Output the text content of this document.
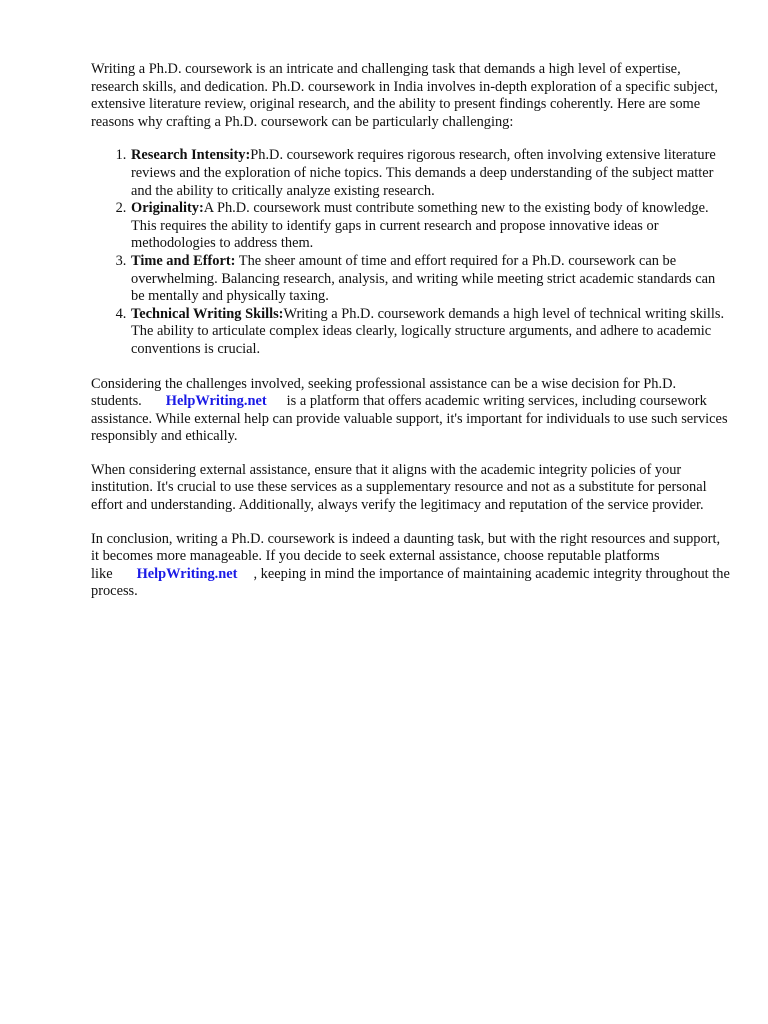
Writing a Ph.D. coursework is an intricate and challenging task that demands a high level of expertise, research skills, and dedication. Ph.D. coursework in India involves in-depth exploration of a specific subject, extensive literature review, original research, and the ability to present findings coherently. Here are some reasons why crafting a Ph.D. coursework can be particularly challenging:

1. Research Intensity:Ph.D. coursework requires rigorous research, often involving extensive literature reviews and the exploration of niche topics. This demands a deep understanding of the subject matter and the ability to critically analyze existing research.
2. Originality:A Ph.D. coursework must contribute something new to the existing body of knowledge. This requires the ability to identify gaps in current research and propose innovative ideas or methodologies to address them.
3. Time and Effort: The sheer amount of time and effort required for a Ph.D. coursework can be overwhelming. Balancing research, analysis, and writing while meeting strict academic standards can be mentally and physically taxing.
4. Technical Writing Skills:Writing a Ph.D. coursework demands a high level of technical writing skills. The ability to articulate complex ideas clearly, logically structure arguments, and adhere to academic conventions is crucial.

Considering the challenges involved, seeking professional assistance can be a wise decision for Ph.D. students. HelpWriting.net is a platform that offers academic writing services, including coursework assistance. While external help can provide valuable support, it's important for individuals to use such services responsibly and ethically.

When considering external assistance, ensure that it aligns with the academic integrity policies of your institution. It's crucial to use these services as a supplementary resource and not as a substitute for personal effort and understanding. Additionally, always verify the legitimacy and reputation of the service provider.

In conclusion, writing a Ph.D. coursework is indeed a daunting task, but with the right resources and support, it becomes more manageable. If you decide to seek external assistance, choose reputable platforms like HelpWriting.net , keeping in mind the importance of maintaining academic integrity throughout the process.
